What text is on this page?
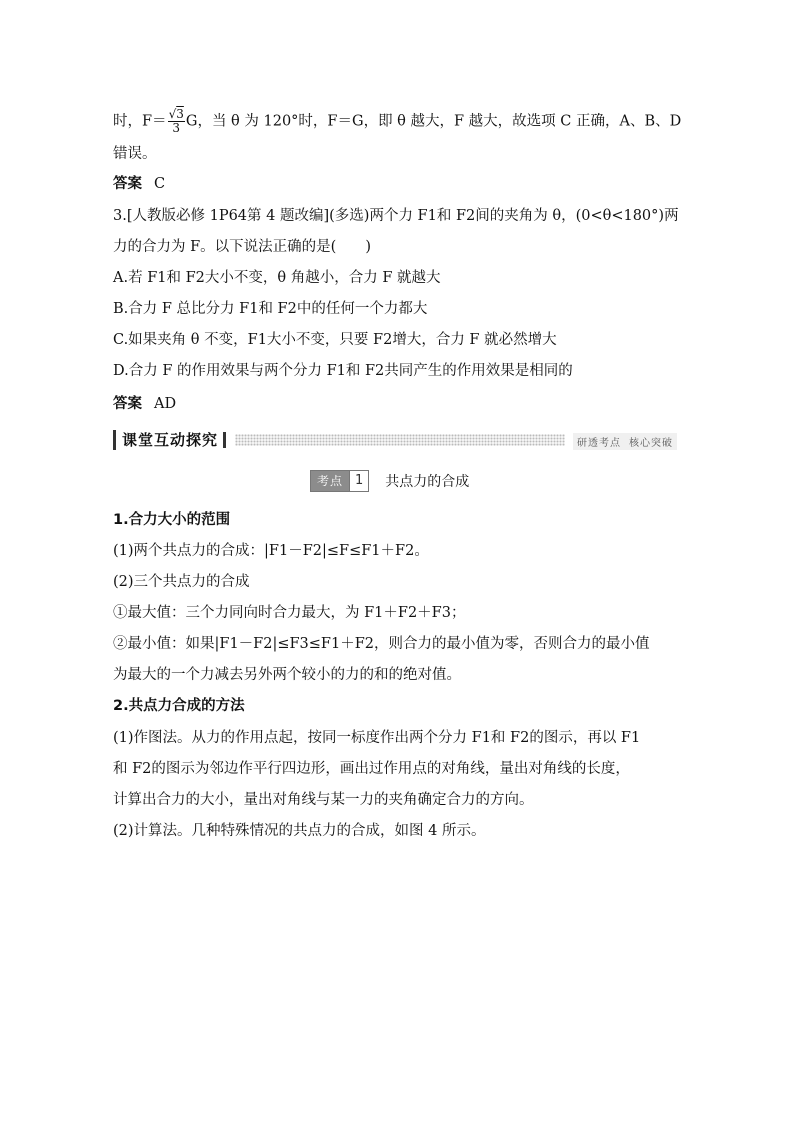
时，$F= \frac{√3}{3}$ G，当 θ 为 120°时，F＝G，即 θ 越大，F 越大，故选项 C 正确，A、B、D
错误。
答案 C
3.[人教版必修 1P64第 4 题改编](多选)两个力 F1和 F2间的夹角为 θ，(0<θ<180°)两
力的合力为 F。以下说法正确的是(　　)
A.若 F1和 F2大小不变，θ 角越小，合力 F 就越大
B.合力 F 总比分力 F1和 F2中的任何一个力都大
C.如果夹角 θ 不变，F1大小不变，只要 F2增大，合力 F 就必然增大
D.合力 F 的作用效果与两个分力 F1和 F2共同产生的作用效果是相同的
答案 AD
课堂互动探究	研透考点 核心突破
考点 1	共点力的合成
1.合力大小的范围
(1)两个共点力的合成：|F1－F2|≤F≤F1＋F2。
(2)三个共点力的合成
①最大值：三个力同向时合力最大，为 F1＋F2＋F3；
②最小值：如果|F1－F2|≤F3≤F1＋F2，则合力的最小值为零，否则合力的最小值
为最大的一个力减去另外两个较小的力的和的绝对值。
2.共点力合成的方法
(1)作图法。从力的作用点起，按同一标度作出两个分力 F1和 F2的图示，再以 F1
和 F2的图示为邻边作平行四边形，画出过作用点的对角线，量出对角线的长度，
计算出合力的大小，量出对角线与某一力的夹角确定合力的方向。
(2)计算法。几种特殊情况的共点力的合成，如图 4 所示。
